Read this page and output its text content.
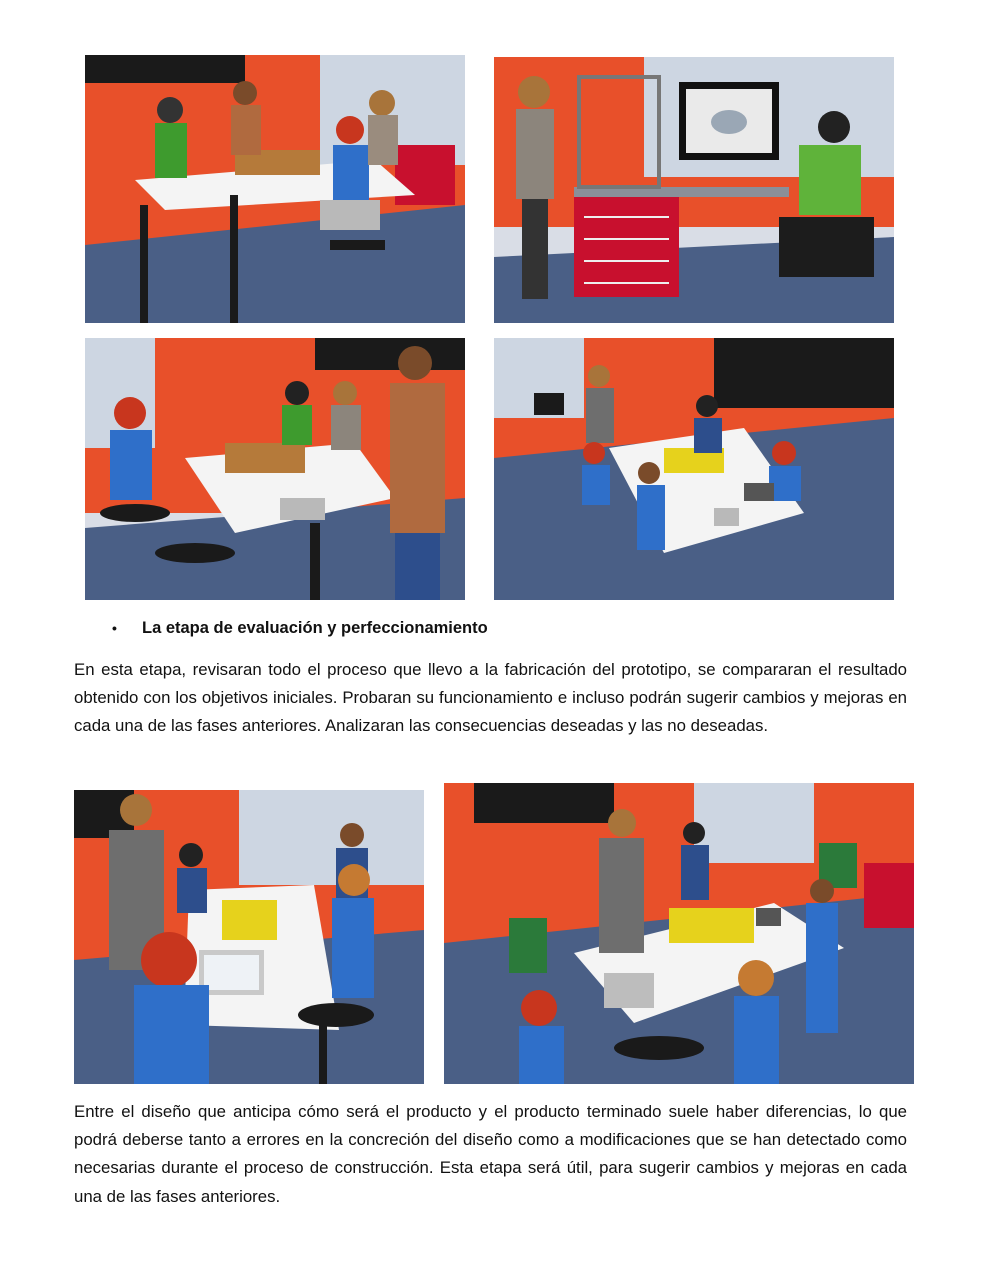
•	La etapa de evaluación y perfeccionamiento
En esta etapa, revisaran todo el proceso que llevo a la fabricación del prototipo, se compararan el resultado obtenido con los objetivos iniciales. Probaran su funcionamiento e incluso podrán sugerir cambios y mejoras en cada una de las fases anteriores. Analizaran las consecuencias deseadas y las no deseadas.
Entre el diseño que anticipa cómo será el producto y el producto terminado suele haber diferencias, lo que podrá deberse tanto a errores en la concreción del diseño como a modificaciones que se han detectado como necesarias durante el proceso de construcción. Esta etapa será útil, para sugerir cambios y mejoras en cada una de las fases anteriores.
